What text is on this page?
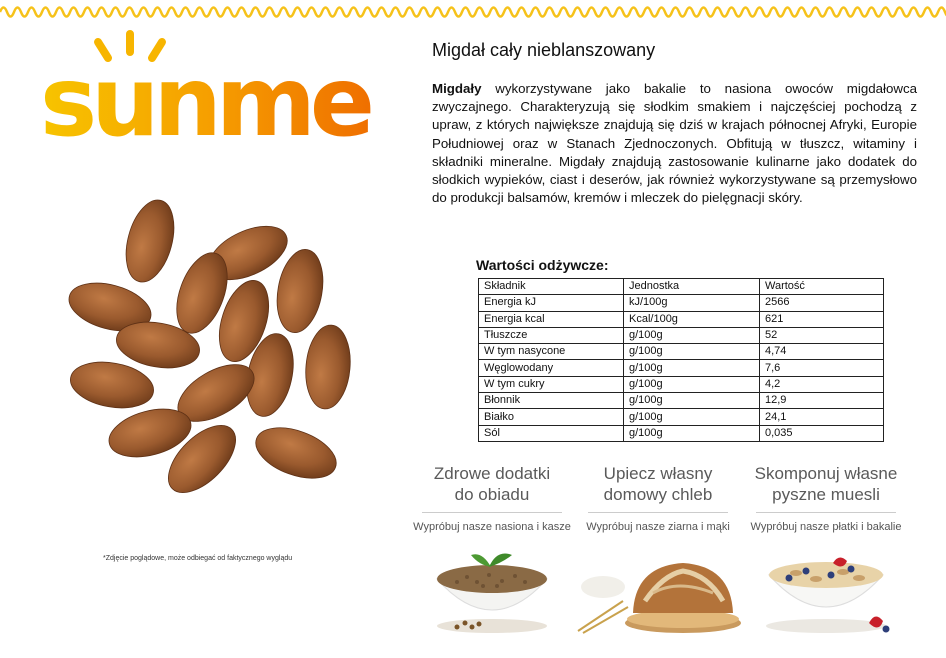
sunme
*Zdjęcie poglądowe, może odbiegać od faktycznego wyglądu
Migdał cały nieblanszowany
Migdały wykorzystywane jako bakalie to nasiona owoców migdałowca zwyczajnego. Charakteryzują się słodkim smakiem i najczęściej pochodzą z upraw, z których największe znajdują się dziś w krajach północnej Afryki, Europie Południowej oraz w Stanach Zjednoczonych. Obfitują w tłuszcz, witaminy i składniki mineralne. Migdały znajdują zastosowanie kulinarne jako dodatek do słodkich wypieków, ciast i deserów, jak również wykorzystywane są przemysłowo do produkcji balsamów, kremów i mleczek do pielęgnacji skóry.
Wartości odżywcze:
Składnik	Jednostka	Wartość
Energia kJ	kJ/100g	2566
Energia kcal	Kcal/100g	621
Tłuszcze	g/100g	52
W tym nasycone	g/100g	4,74
Węglowodany	g/100g	7,6
W tym cukry	g/100g	4,2
Błonnik	g/100g	12,9
Białko	g/100g	24,1
Sól	g/100g	0,035
Zdrowe dodatki
do obiadu
Wypróbuj nasze nasiona i kasze
Upiecz własny
domowy chleb
Wypróbuj nasze ziarna i mąki
Skomponuj własne
pyszne muesli
Wypróbuj nasze płatki i bakalie
